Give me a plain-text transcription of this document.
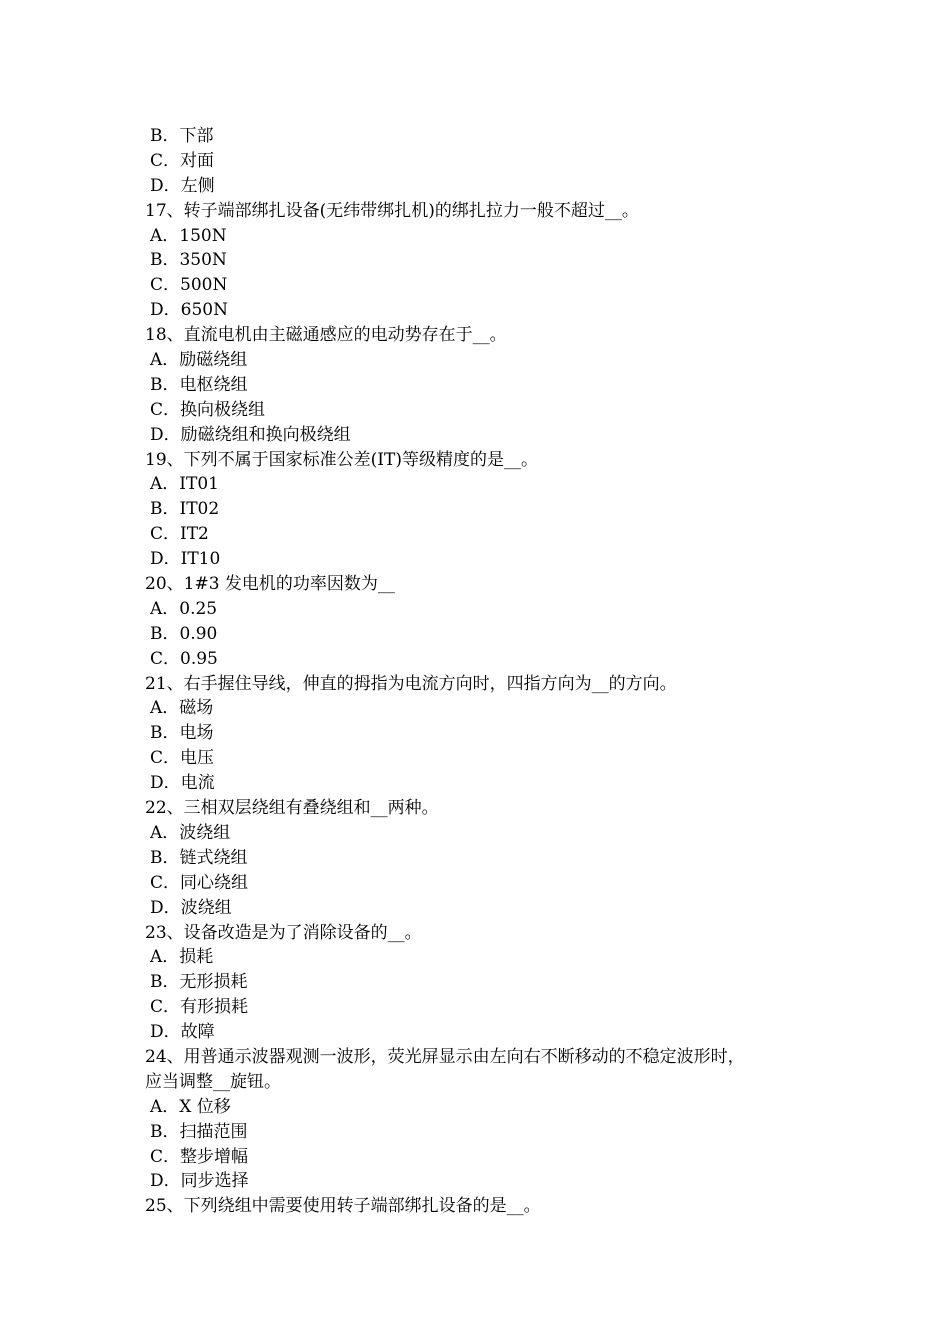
B．下部
C．对面
D．左侧
17、转子端部绑扎设备(无纬带绑扎机)的绑扎拉力一般不超过__。
A．150N
B．350N
C．500N
D．650N
18、直流电机由主磁通感应的电动势存在于__。
A．励磁绕组
B．电枢绕组
C．换向极绕组
D．励磁绕组和换向极绕组
19、下列不属于国家标准公差(IT)等级精度的是__。
A．IT01
B．IT02
C．IT2
D．IT10
20、1#3 发电机的功率因数为__
A．0.25
B．0.90
C．0.95
21、右手握住导线，伸直的拇指为电流方向时，四指方向为__的方向。
A．磁场
B．电场
C．电压
D．电流
22、三相双层绕组有叠绕组和__两种。
A．波绕组
B．链式绕组
C．同心绕组
D．波绕组
23、设备改造是为了消除设备的__。
A．损耗
B．无形损耗
C．有形损耗
D．故障
24、用普通示波器观测一波形，荧光屏显示由左向右不断移动的不稳定波形时，
应当调整__旋钮。
A．X 位移
B．扫描范围
C．整步增幅
D．同步选择
25、下列绕组中需要使用转子端部绑扎设备的是__。
